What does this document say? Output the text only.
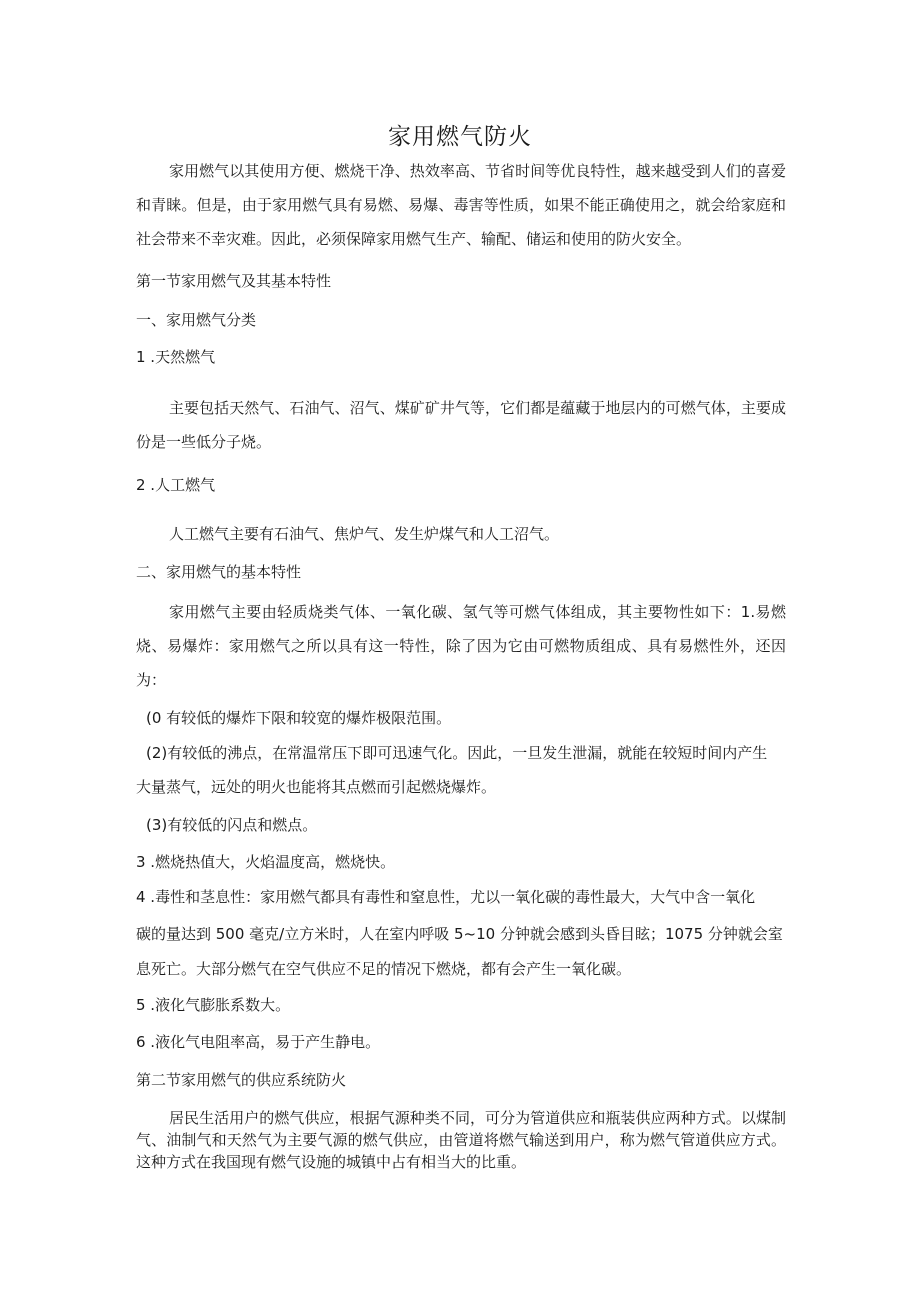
家用燃气防火
家用燃气以其使用方便、燃烧干净、热效率高、节省时间等优良特性，越来越受到人们的喜爱和青睐。但是，由于家用燃气具有易燃、易爆、毒害等性质，如果不能正确使用之，就会给家庭和社会带来不幸灾难。因此，必须保障家用燃气生产、输配、储运和使用的防火安全。
第一节家用燃气及其基本特性
一、家用燃气分类
1 .天然燃气
主要包括天然气、石油气、沼气、煤矿矿井气等，它们都是蕴藏于地层内的可燃气体，主要成份是一些低分子烧。
2 .人工燃气
人工燃气主要有石油气、焦炉气、发生炉煤气和人工沼气。
二、家用燃气的基本特性
家用燃气主要由轻质烧类气体、一氧化碳、氢气等可燃气体组成，其主要物性如下：1.易燃烧、易爆炸：家用燃气之所以具有这一特性，除了因为它由可燃物质组成、具有易燃性外，还因为：
(0 有较低的爆炸下限和较宽的爆炸极限范围。
(2)有较低的沸点，在常温常压下即可迅速气化。因此，一旦发生泄漏，就能在较短时间内产生
大量蒸气，远处的明火也能将其点燃而引起燃烧爆炸。
(3)有较低的闪点和燃点。
3 .燃烧热值大，火焰温度高，燃烧快。
4 .毒性和茎息性：家用燃气都具有毒性和窒息性，尤以一氧化碳的毒性最大，大气中含一氧化
碳的量达到 500 毫克/立方米时，人在室内呼吸 5~10 分钟就会感到头昏目眩；1075 分钟就会室
息死亡。大部分燃气在空气供应不足的情况下燃烧，都有会产生一氧化碳。
5 .液化气膨胀系数大。
6 .液化气电阻率高，易于产生静电。
第二节家用燃气的供应系统防火
居民生活用户的燃气供应，根据气源种类不同，可分为管道供应和瓶装供应两种方式。以煤制气、油制气和天然气为主要气源的燃气供应，由管道将燃气输送到用户，称为燃气管道供应方式。这种方式在我国现有燃气设施的城镇中占有相当大的比重。
